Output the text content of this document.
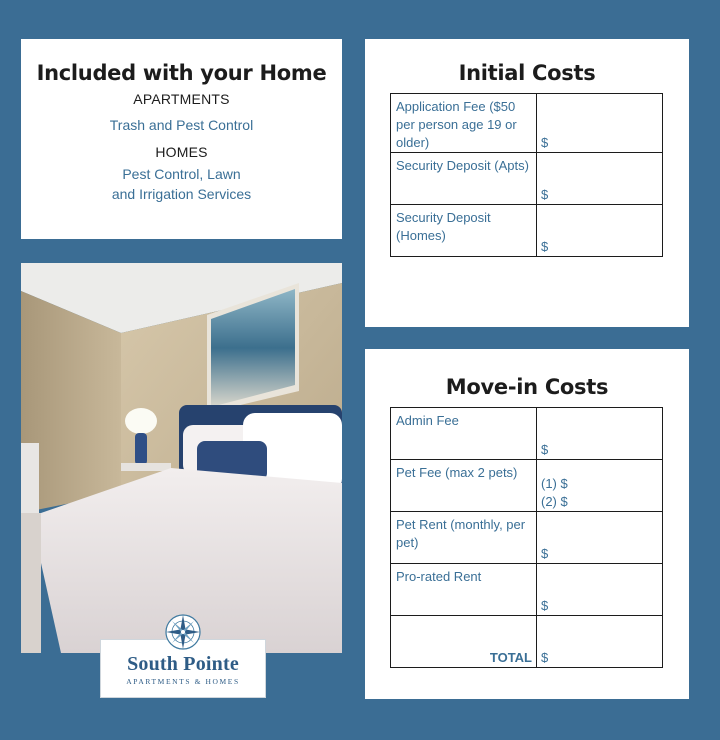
Included with your Home
APARTMENTS
Trash and Pest Control
HOMES
Pest Control, Lawn
and Irrigation Services
Initial Costs
Application Fee ($50 per person age 19 or older)	$

Security Deposit (Apts)	$

Security Deposit (Homes)	$
Move-in Costs
Admin Fee	$

Pet Fee (max 2 pets)	(1) $
(2) $

Pet Rent (monthly, per pet)	$

Pro-rated Rent	$

TOTAL	$
South Pointe
APARTMENTS & HOMES
